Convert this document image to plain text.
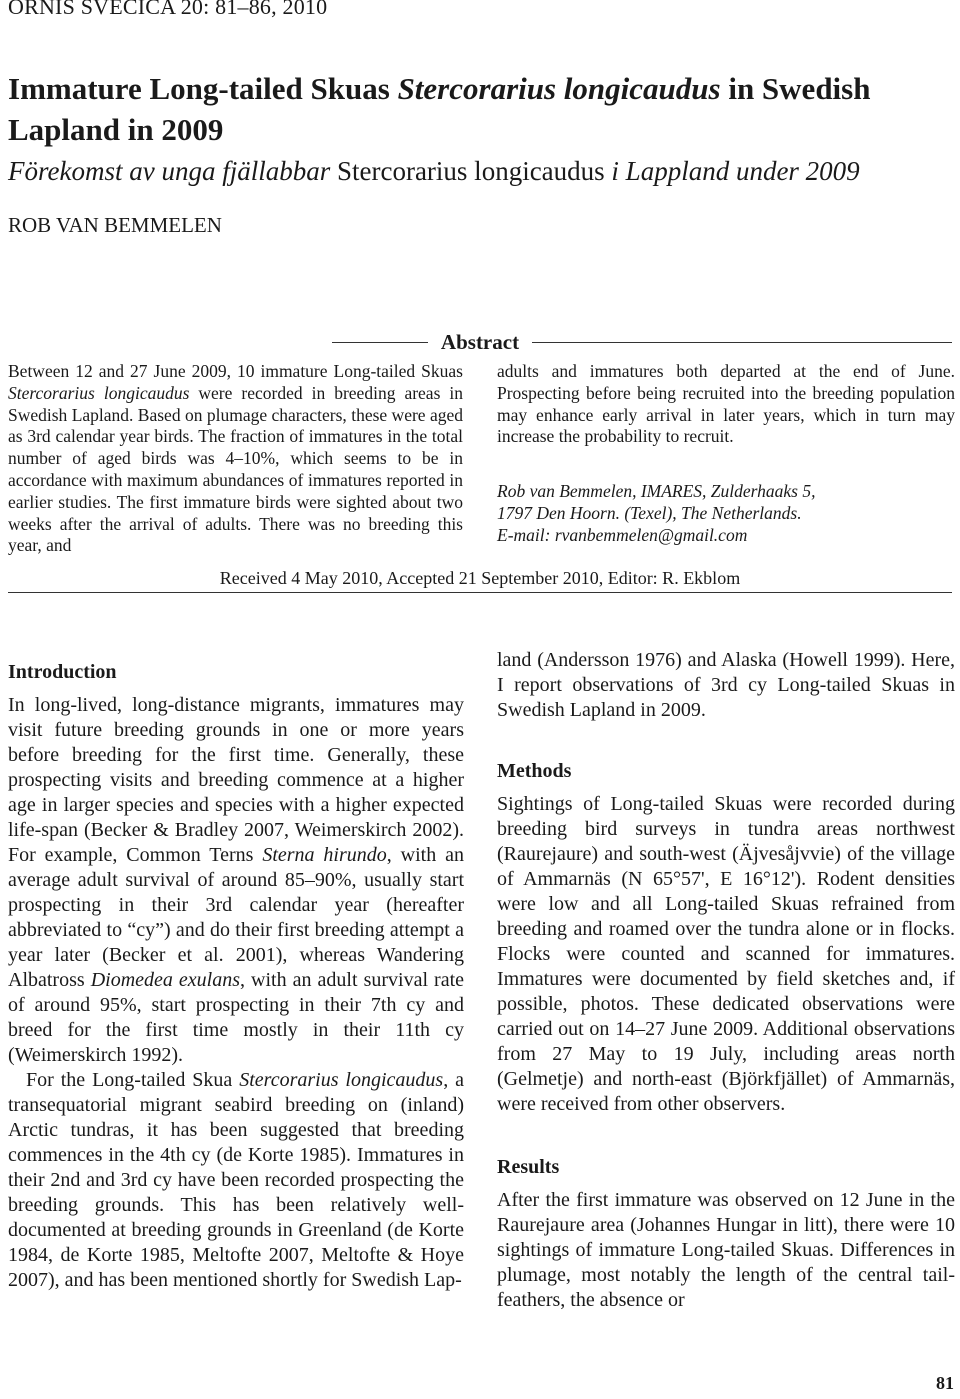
ORNIS SVECICA 20: 81–86, 2010
Immature Long-tailed Skuas Stercorarius longicaudus in Swedish Lapland in 2009
Förekomst av unga fjällabbar Stercorarius longicaudus i Lappland under 2009
ROB VAN BEMMELEN
Abstract

Between 12 and 27 June 2009, 10 immature Long-tailed Skuas Stercorarius longicaudus were recorded in breeding areas in Swedish Lapland. Based on plumage characters, these were aged as 3rd calendar year birds. The fraction of immatures in the total number of aged birds was 4–10%, which seems to be in accordance with maximum abundances of immatures reported in earlier studies. The first immature birds were sighted about two weeks after the arrival of adults. There was no breeding this year, and

adults and immatures both departed at the end of June. Prospecting before being recruited into the breeding population may enhance early arrival in later years, which in turn may increase the probability to recruit.

Rob van Bemmelen, IMARES, Zulderhaaks 5,
1797 Den Hoorn. (Texel), The Netherlands.
E-mail: rvanbemmelen@gmail.com

Received 4 May 2010, Accepted 21 September 2010, Editor: R. Ekblom
Introduction

In long-lived, long-distance migrants, immatures may visit future breeding grounds in one or more years before breeding for the first time. Generally, these prospecting visits and breeding commence at a higher age in larger species and species with a higher expected life-span (Becker & Bradley 2007, Weimerskirch 2002). For example, Common Terns Sterna hirundo, with an average adult survival of around 85–90%, usually start prospecting in their 3rd calendar year (hereafter abbreviated to “cy”) and do their first breeding attempt a year later (Becker et al. 2001), whereas Wandering Albatross Diomedea exulans, with an adult survival rate of around 95%, start prospecting in their 7th cy and breed for the first time mostly in their 11th cy (Weimerskirch 1992).

For the Long-tailed Skua Stercorarius longicaudus, a transequatorial migrant seabird breeding on (inland) Arctic tundras, it has been suggested that breeding commences in the 4th cy (de Korte 1985). Immatures in their 2nd and 3rd cy have been recorded prospecting the breeding grounds. This has been relatively well-documented at breeding grounds in Greenland (de Korte 1984, de Korte 1985, Meltofte 2007, Meltofte & Hoye 2007), and has been mentioned shortly for Swedish Lap-

land (Andersson 1976) and Alaska (Howell 1999). Here, I report observations of 3rd cy Long-tailed Skuas in Swedish Lapland in 2009.

Methods

Sightings of Long-tailed Skuas were recorded during breeding bird surveys in tundra areas northwest (Raurejaure) and south-west (Äjvesåjvvie) of the village of Ammarnäs (N 65°57', E 16°12'). Rodent densities were low and all Long-tailed Skuas refrained from breeding and roamed over the tundra alone or in flocks. Flocks were counted and scanned for immatures. Immatures were documented by field sketches and, if possible, photos. These dedicated observations were carried out on 14–27 June 2009. Additional observations from 27 May to 19 July, including areas north (Gelmetje) and north-east (Björkfjället) of Ammarnäs, were received from other observers.

Results

After the first immature was observed on 12 June in the Raurejaure area (Johannes Hungar in litt), there were 10 sightings of immature Long-tailed Skuas. Differences in plumage, most notably the length of the central tail-feathers, the absence or

81
